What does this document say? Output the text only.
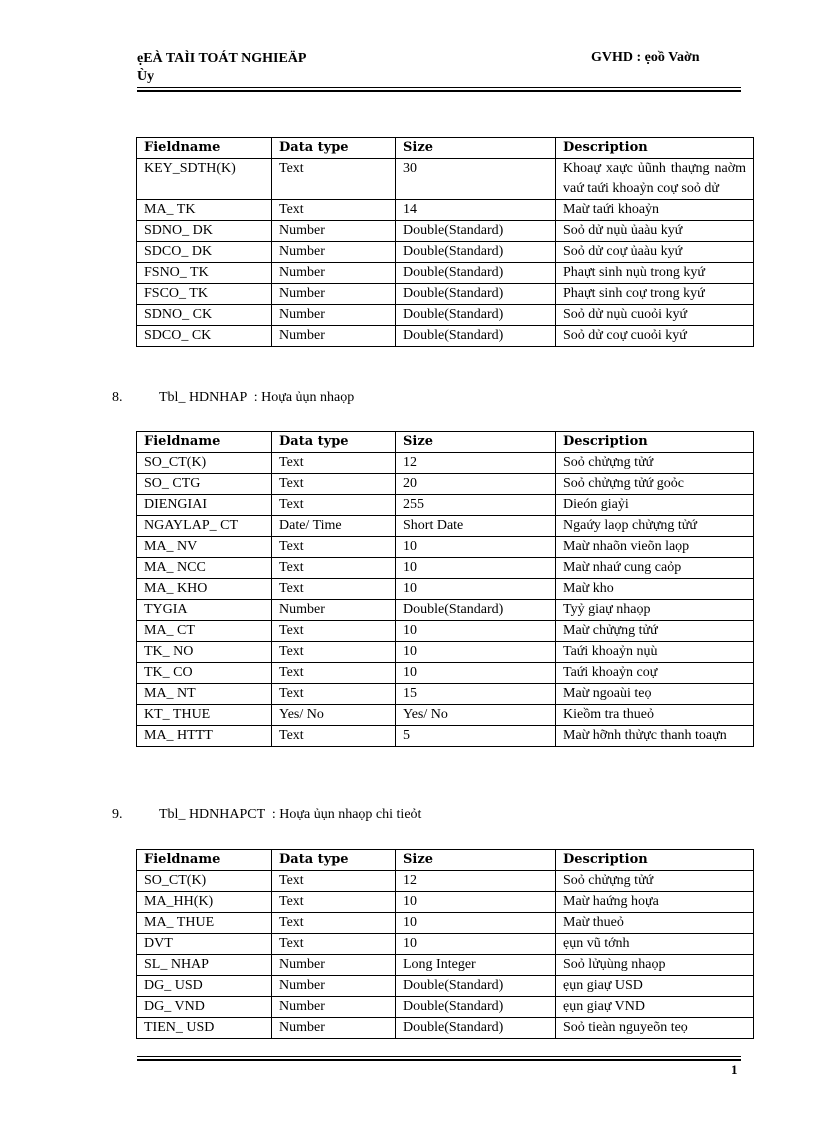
ẹEÀ TAÌI TOÁT NGHIEÄP
Ùy
GVHD : ẹoồ Vaờn
Fieldname	Data type	Size	Description
KEY_SDTH(K)	Text	30	Khoaự xaực ủũnh thaựng naờm vaứ taứi khoaỷn coự soỏ dử
MA_ TK	Text	14	Maừ taứi khoaỷn
SDNO_ DK	Number	Double(Standard)	Soỏ dử nụù ủaàu kyứ
SDCO_ DK	Number	Double(Standard)	Soỏ dử coự ủaàu kyứ
FSNO_ TK	Number	Double(Standard)	Phaựt sinh nụù trong kyứ
FSCO_ TK	Number	Double(Standard)	Phaựt sinh coự trong kyứ
SDNO_ CK	Number	Double(Standard)	Soỏ dử nụù cuoỏi kyứ
SDCO_ CK	Number	Double(Standard)	Soỏ dử coự cuoỏi kyứ
8.	Tbl_ HDNHAP  : Hoựa ủụn nhaọp
Fieldname	Data type	Size	Description
SO_CT(K)	Text	12	Soỏ chửựng tửứ
SO_ CTG	Text	20	Soỏ chửựng tửứ goỏc
DIENGIAI	Text	255	Dieón giaỷi
NGAYLAP_ CT	Date/ Time	Short Date	Ngaứy laọp chửựng tửứ
MA_ NV	Text	10	Maừ nhaõn vieõn laọp
MA_ NCC	Text	10	Maừ nhaứ cung caỏp
MA_ KHO	Text	10	Maừ kho
TYGIA	Number	Double(Standard)	Tyỷ giaự nhaọp
MA_ CT	Text	10	Maừ chửựng tửứ
TK_ NO	Text	10	Taứi khoaỷn nụù
TK_ CO	Text	10	Taứi khoaỷn coự
MA_ NT	Text	15	Maừ ngoaùi teọ
KT_ THUE	Yes/ No	Yes/ No	Kieồm tra thueỏ
MA_ HTTT	Text	5	Maừ hỡnh thửực thanh toaựn
9.	Tbl_ HDNHAPCT  : Hoựa ủụn nhaọp chi tieỏt
Fieldname	Data type	Size	Description
SO_CT(K)	Text	12	Soỏ chửựng tửứ
MA_HH(K)	Text	10	Maừ haứng hoựa
MA_ THUE	Text	10	Maừ thueỏ
DVT	Text	10	ẹụn vũ tớnh
SL_ NHAP	Number	Long Integer	Soỏ lửụùng nhaọp
DG_ USD	Number	Double(Standard)	ẹụn giaự USD
DG_ VND	Number	Double(Standard)	ẹụn giaự VND
TIEN_ USD	Number	Double(Standard)	Soỏ tieàn nguyeõn teọ
1
